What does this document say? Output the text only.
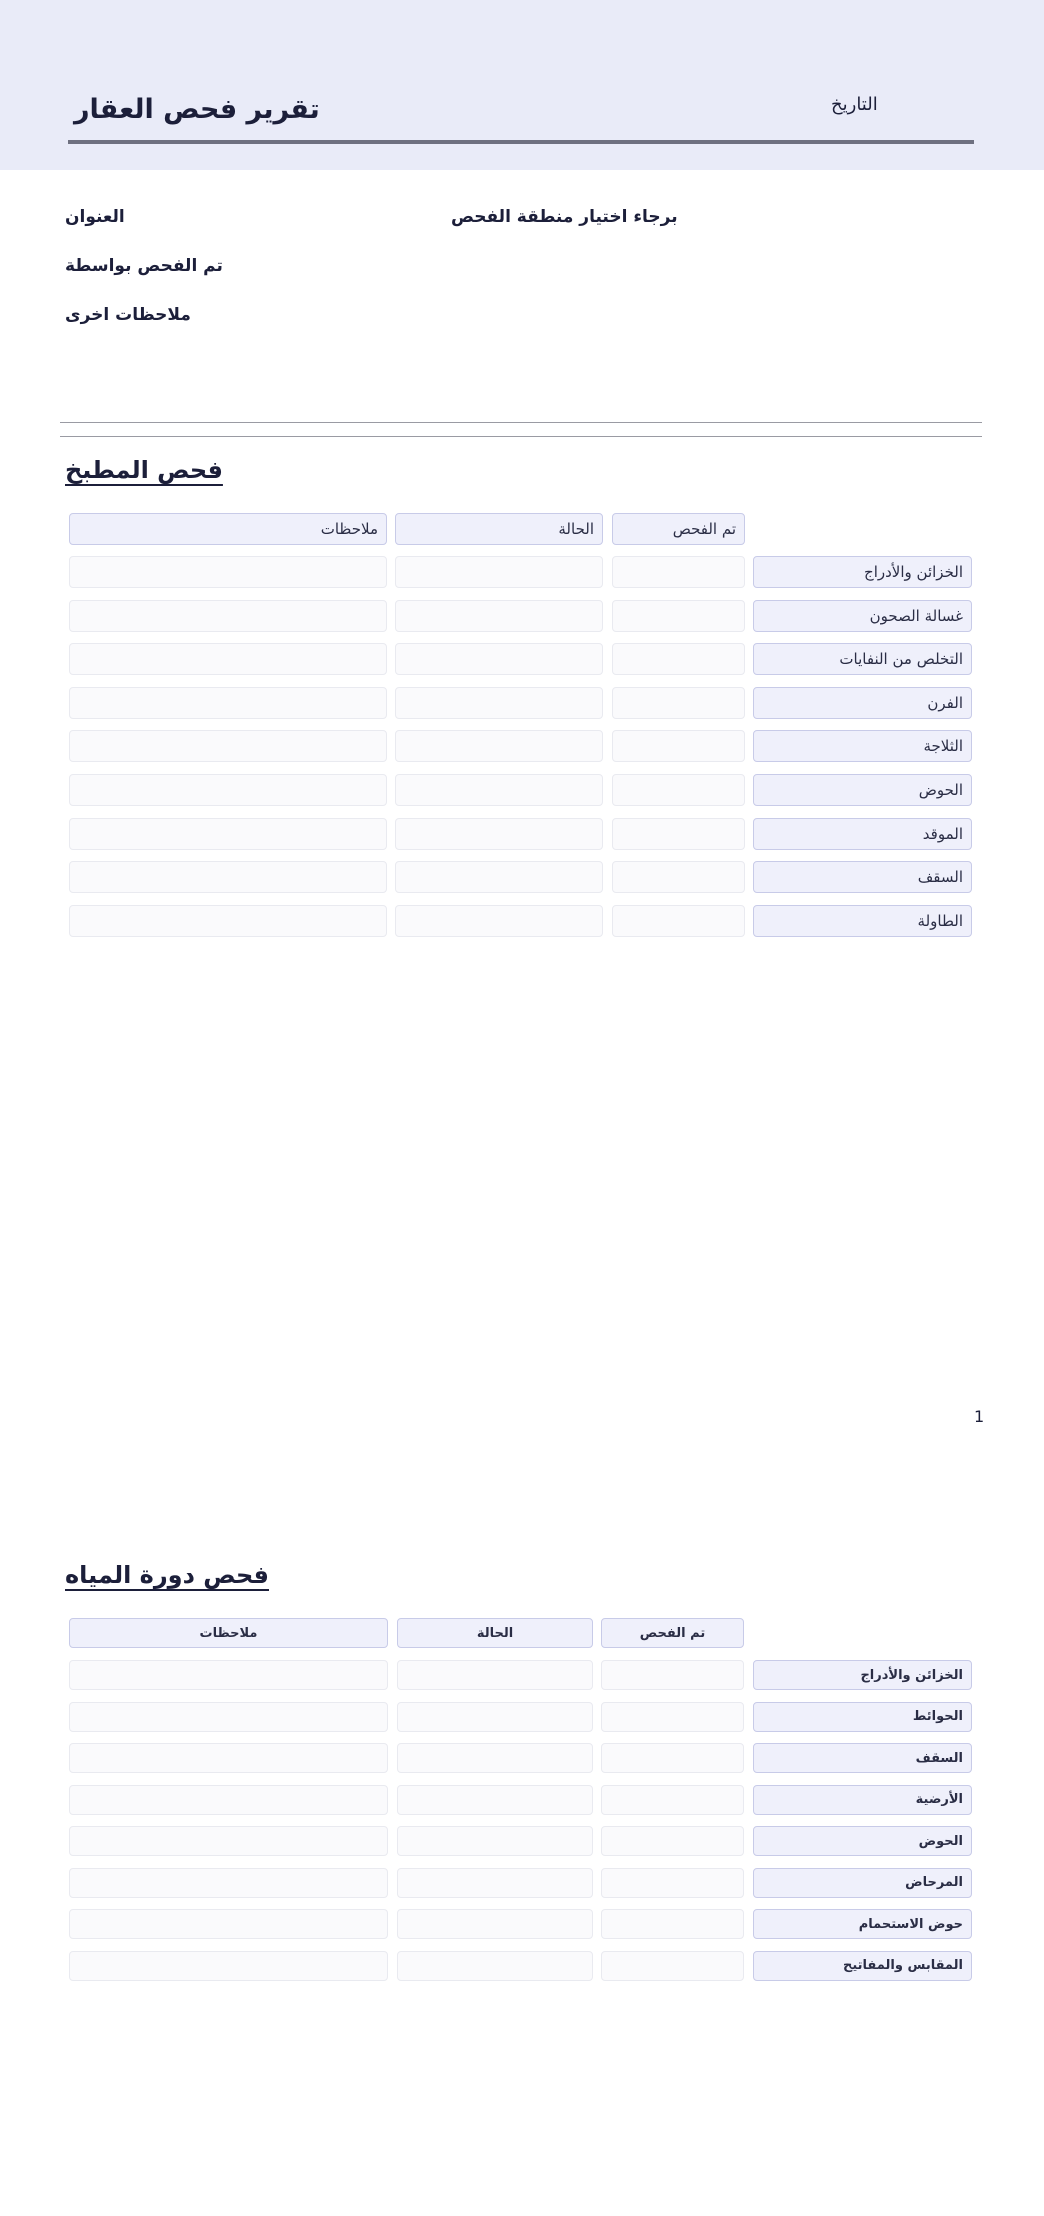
تقرير فحص العقار	التاريخ
العنوان	برجاء اختيار منطقة الفحص
تم الفحص بواسطة
ملاحظات اخرى
فحص المطبخ
تم الفحص
الحالة
ملاحظات
الخزائن والأدراج
غسالة الصحون
التخلص من النفايات
الفرن
الثلاجة
الحوض
الموقد
السقف
الطاولة
1
فحص دورة المياه
تم الفحص
الحالة
ملاحظات
الخزائن والأدراج
الحوائط
السقف
الأرضية
الحوض
المرحاض
حوض الاستحمام
المقابس والمفاتيح
